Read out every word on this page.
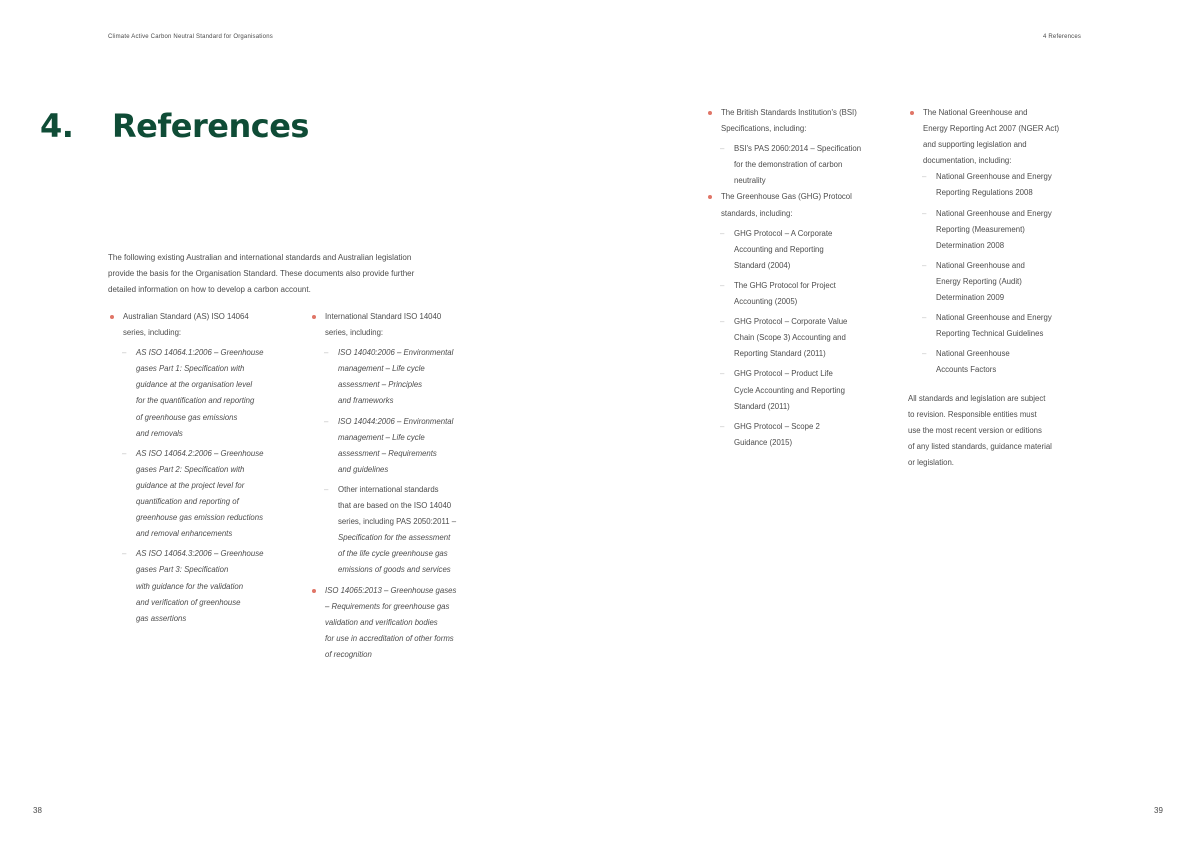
Climate Active Carbon Neutral Standard for Organisations	4 References
4. References
The following existing Australian and international standards and Australian legislation
provide the basis for the Organisation Standard. These documents also provide further
detailed information on how to develop a carbon account.
Australian Standard (AS) ISO 14064
series, including:
– AS ISO 14064.1:2006 – Greenhouse
gases Part 1: Specification with
guidance at the organisation level
for the quantification and reporting
of greenhouse gas emissions
and removals
– AS ISO 14064.2:2006 – Greenhouse
gases Part 2: Specification with
guidance at the project level for
quantification and reporting of
greenhouse gas emission reductions
and removal enhancements
– AS ISO 14064.3:2006 – Greenhouse
gases Part 3: Specification
with guidance for the validation
and verification of greenhouse
gas assertions
International Standard ISO 14040
series, including:
– ISO 14040:2006 – Environmental
management – Life cycle
assessment – Principles
and frameworks
– ISO 14044:2006 – Environmental
management – Life cycle
assessment – Requirements
and guidelines
– Other international standards
that are based on the ISO 14040
series, including PAS 2050:2011 –
Specification for the assessment
of the life cycle greenhouse gas
emissions of goods and services
ISO 14065:2013 – Greenhouse gases
– Requirements for greenhouse gas
validation and verification bodies
for use in accreditation of other forms
of recognition
The British Standards Institution's (BSI)
Specifications, including:
– BSI's PAS 2060:2014 – Specification
for the demonstration of carbon
neutrality
The Greenhouse Gas (GHG) Protocol
standards, including:
– GHG Protocol – A Corporate
Accounting and Reporting
Standard (2004)
– The GHG Protocol for Project
Accounting (2005)
– GHG Protocol – Corporate Value
Chain (Scope 3) Accounting and
Reporting Standard (2011)
– GHG Protocol – Product Life
Cycle Accounting and Reporting
Standard (2011)
– GHG Protocol – Scope 2
Guidance (2015)
The National Greenhouse and
Energy Reporting Act 2007 (NGER Act)
and supporting legislation and
documentation, including:
– National Greenhouse and Energy
Reporting Regulations 2008
– National Greenhouse and Energy
Reporting (Measurement)
Determination 2008
– National Greenhouse and
Energy Reporting (Audit)
Determination 2009
– National Greenhouse and Energy
Reporting Technical Guidelines
– National Greenhouse
Accounts Factors
All standards and legislation are subject
to revision. Responsible entities must
use the most recent version or editions
of any listed standards, guidance material
or legislation.
38	39
